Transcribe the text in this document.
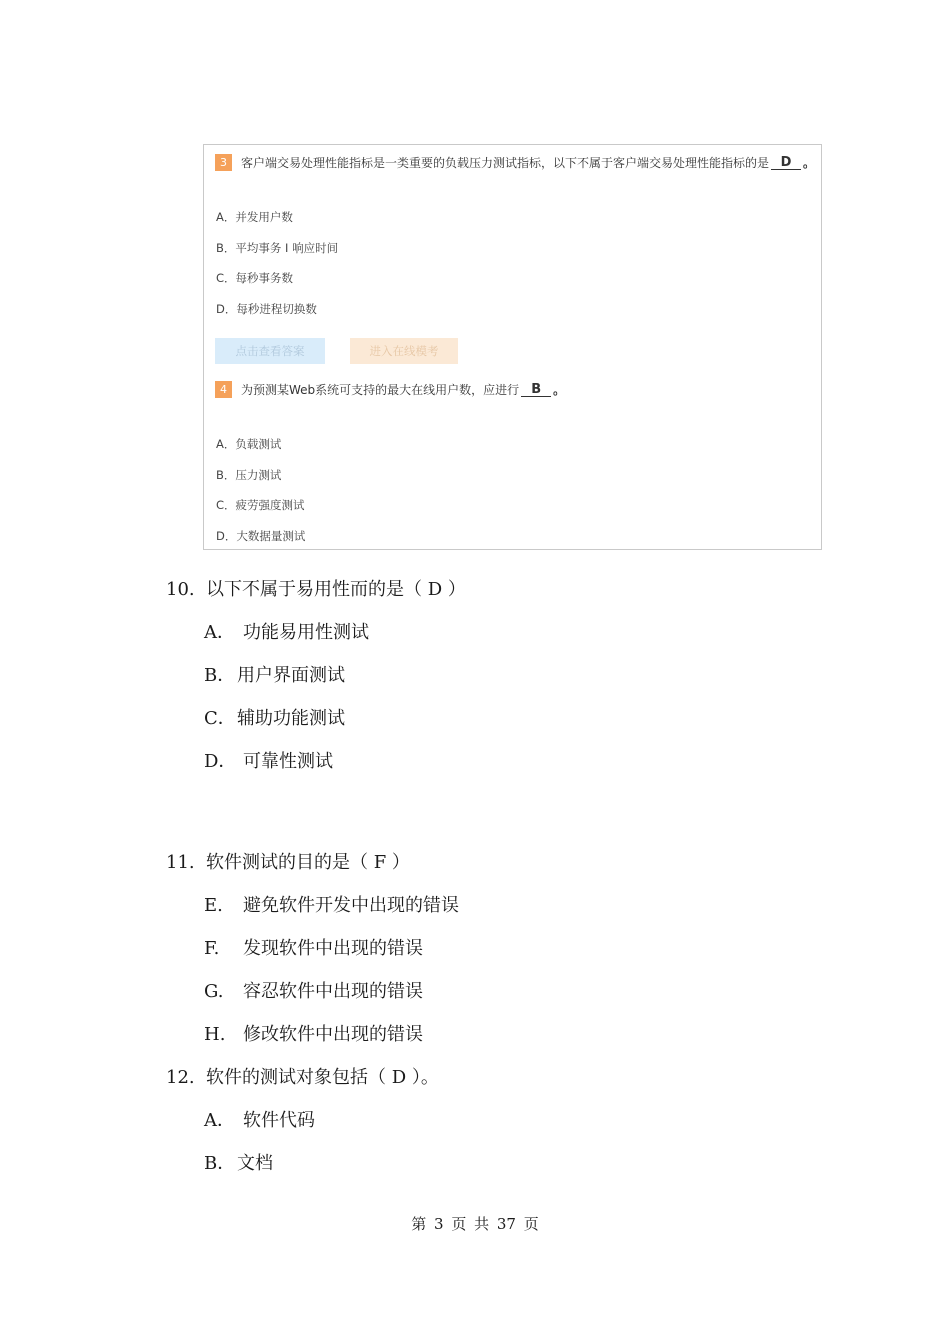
3	客户端交易处理性能指标是一类重要的负载压力测试指标，以下不属于客户端交易处理性能指标的是 D 。
A．并发用户数
B．平均事务 I 响应时间
C．每秒事务数
D．每秒进程切换数
点击查看答案	进入在线模考
4	为预测某Web系统可支持的最大在线用户数，应进行 B	。
A．负载测试
B．压力测试
C．疲劳强度测试
D．大数据量测试
10. 以下不属于易用性而的是（ D ）
A． 功能易用性测试
B．用户界面测试
C．辅助功能测试
D． 可靠性测试
11. 软件测试的目的是（ F ）
E. 避免软件开发中出现的错误
F. 发现软件中出现的错误
G. 容忍软件中出现的错误
H. 修改软件中出现的错误
12. 软件的测试对象包括（ D ）。
A． 软件代码
B．文档
第 3 页 共 37 页
